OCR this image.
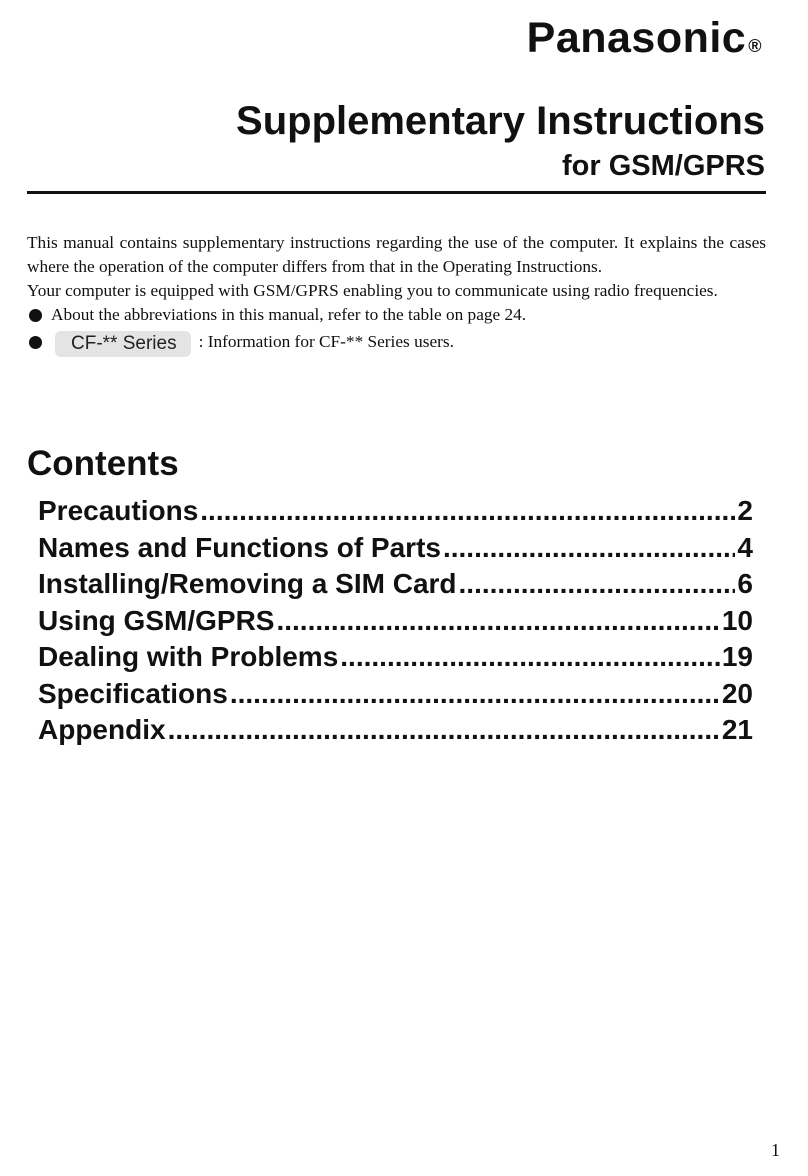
Panasonic ®
Supplementary Instructions
for GSM/GPRS

This manual contains supplementary instructions regarding the use of the computer. It explains the cases where the operation of the computer differs from that in the Operating Instructions.

Your computer is equipped with GSM/GPRS enabling you to communicate using radio frequencies.

About the abbreviations in this manual, refer to the table on page 24.
CF-** Series	: Information for CF-** Series users.
Contents
Precautions .....	2
Names and Functions of Parts .....	4
Installing/Removing a SIM Card .....	6
Using GSM/GPRS .....	10
Dealing with Problems .....	19
Specifications .....	20
Appendix .....	21
1
